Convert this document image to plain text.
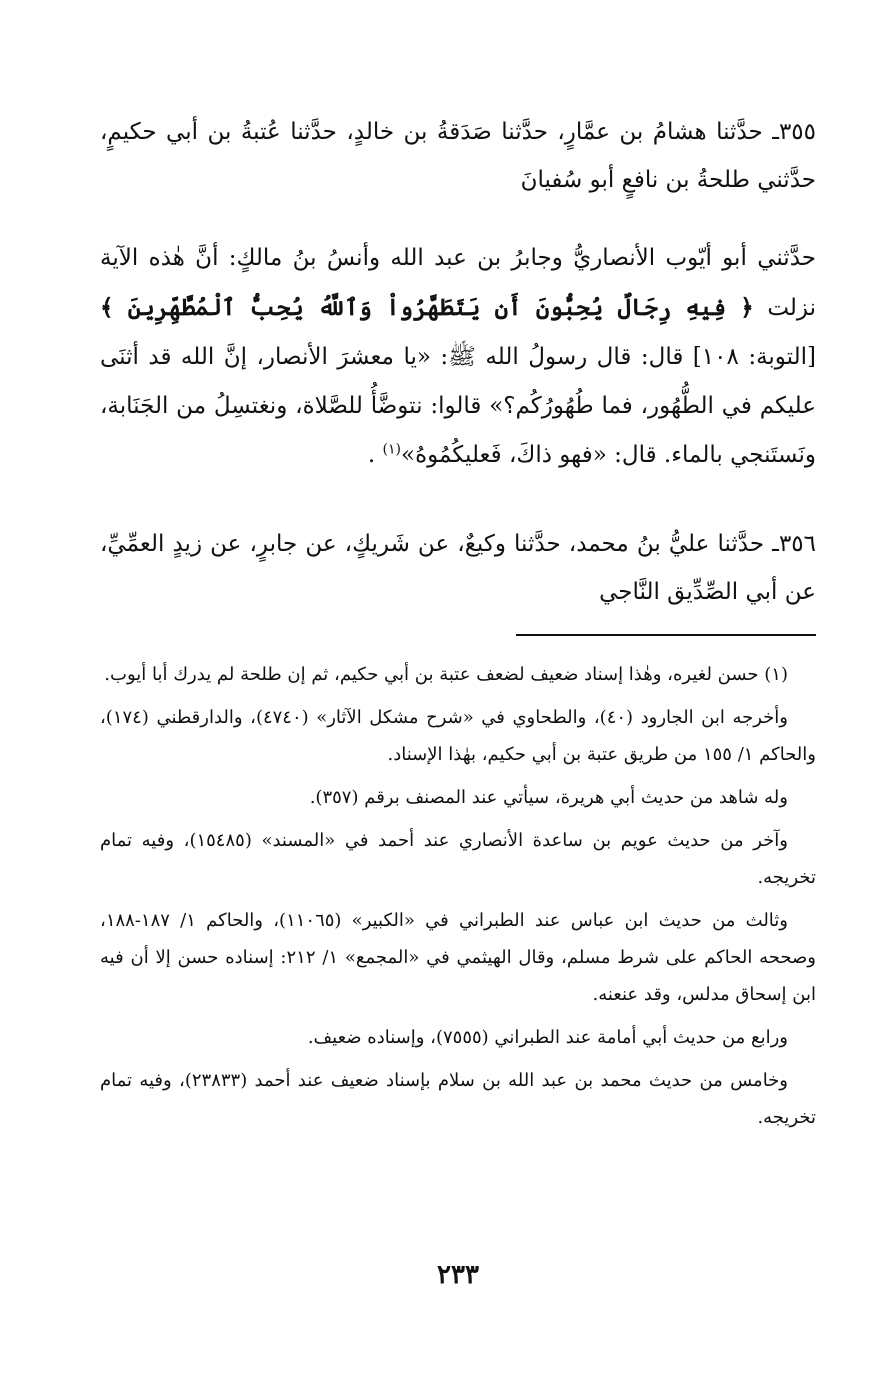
٣٥٥ـ حدَّثنا هشامُ بن عمَّارٍ، حدَّثنا صَدَقةُ بن خالدٍ، حدَّثنا عُتبةُ بن أبي حكيمٍ، حدَّثني طلحةُ بن نافعٍ أبو سُفيانَ

حدَّثني أبو أيّوب الأنصاريُّ وجابرُ بن عبد الله وأنسُ بنُ مالكٍ: أنَّ هٰذه الآية نزلت ﴿ فِيهِ رِجَالٌ يُحِبُّونَ أَن يَتَطَهَّرُواْ وَٱللَّهُ يُحِبُّ ٱلْمُطَّهِّرِينَ ﴾ [التوبة: ١٠٨] قال: قال رسولُ الله ﷺ: «يا معشرَ الأنصار، إنَّ الله قد أثنَى عليكم في الطُّهُور، فما طُهُورُكُم؟» قالوا: نتوضَّأُ للصَّلاة، ونغتسِلُ من الجَنَابة، ونَستَنجي بالماء. قال: «فهو ذاكَ، فَعليكُمُوهُ»$^{(١)}$ .

٣٥٦ـ حدَّثنا عليُّ بنُ محمد، حدَّثنا وكيعٌ، عن شَريكٍ، عن جابرٍ، عن زيدٍ العمِّيِّ، عن أبي الصِّدِّيق النَّاجي

(١) حسن لغيره، وهٰذا إسناد ضعيف لضعف عتبة بن أبي حكيم، ثم إن طلحة لم يدرك أبا أيوب.

وأخرجه ابن الجارود (٤٠)، والطحاوي في «شرح مشكل الآثار» (٤٧٤٠)، والدارقطني (١٧٤)، والحاكم ١/ ١٥٥ من طريق عتبة بن أبي حكيم، بهٰذا الإسناد.

وله شاهد من حديث أبي هريرة، سيأتي عند المصنف برقم (٣٥٧).

وآخر من حديث عويم بن ساعدة الأنصاري عند أحمد في «المسند» (١٥٤٨٥)، وفيه تمام تخريجه.

وثالث من حديث ابن عباس عند الطبراني في «الكبير» (١١٠٦٥)، والحاكم ١/ ١٨٧-١٨٨، وصححه الحاكم على شرط مسلم، وقال الهيثمي في «المجمع» ١/ ٢١٢: إسناده حسن إلا أن فيه ابن إسحاق مدلس، وقد عنعنه.

ورابع من حديث أبي أمامة عند الطبراني (٧٥٥٥)، وإسناده ضعيف.

وخامس من حديث محمد بن عبد الله بن سلام بإسناد ضعيف عند أحمد (٢٣٨٣٣)، وفيه تمام تخريجه.

٢٣٣
